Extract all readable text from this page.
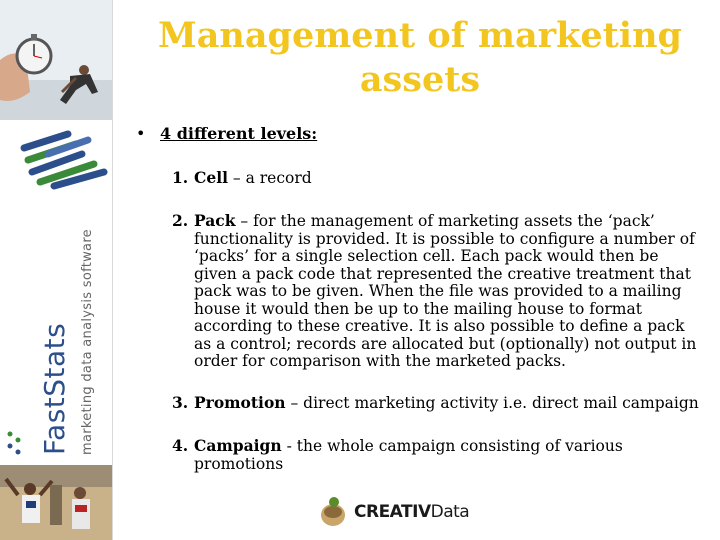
FastStats marketing data analysis software
Management of marketing assets
• 4 different levels:
1. Cell – a record
2. Pack – for the management of marketing assets the ‘pack’ functionality is provided. It is possible to configure a number of ‘packs’ for a single selection cell. Each pack would then be given a pack code that represented the creative treatment that pack was to be given. When the file was provided to a mailing house it would then be up to the mailing house to format according to these creative. It is also possible to define a pack as a control; records are allocated but (optionally) not output in order for comparison with the marketed packs.
3. Promotion – direct marketing activity i.e. direct mail campaign
4. Campaign - the whole campaign consisting of various promotions
CREATIVData
